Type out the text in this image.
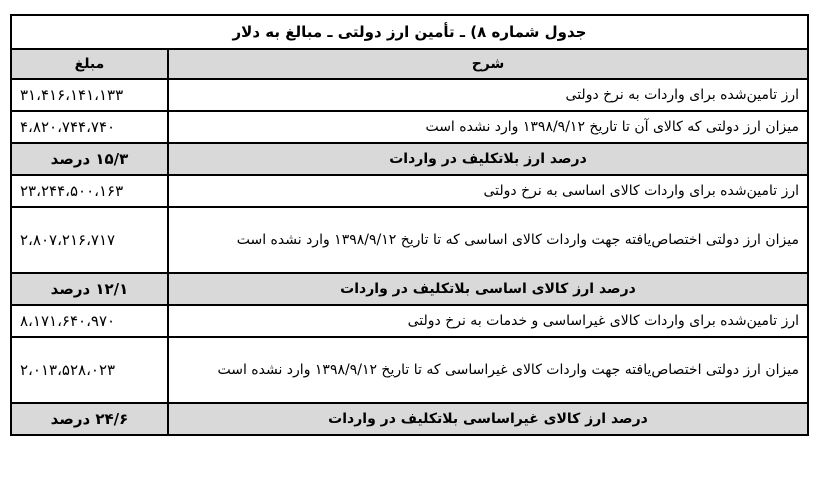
جدول شماره ۸) ـ تأمین ارز دولتی ـ مبالغ به دلار	
شرح	مبلغ
ارز تامین‌شده برای واردات به نرخ دولتی	۳۱،۴۱۶،۱۴۱،۱۳۳
میزان ارز دولتی که کالای آن تا تاریخ ۱۳۹۸/۹/۱۲ وارد نشده است	۴،۸۲۰،۷۴۴،۷۴۰
درصد ارز بلاتکلیف در واردات	۱۵/۳ درصد
ارز تامین‌شده برای واردات کالای اساسی به نرخ دولتی	۲۳،۲۴۴،۵۰۰،۱۶۳
میزان ارز دولتی اختصاص‌یافته جهت واردات کالای اساسی که تا تاریخ ۱۳۹۸/۹/۱۲ وارد نشده است	۲،۸۰۷،۲۱۶،۷۱۷
درصد ارز کالای اساسی بلاتکلیف در واردات	۱۲/۱ درصد
ارز تامین‌شده برای واردات کالای غیراساسی و خدمات به نرخ دولتی	۸،۱۷۱،۶۴۰،۹۷۰
میزان ارز دولتی اختصاص‌یافته جهت واردات کالای غیراساسی که تا تاریخ ۱۳۹۸/۹/۱۲ وارد نشده است	۲،۰۱۳،۵۲۸،۰۲۳
درصد ارز کالای غیراساسی بلاتکلیف در واردات	۲۴/۶ درصد
